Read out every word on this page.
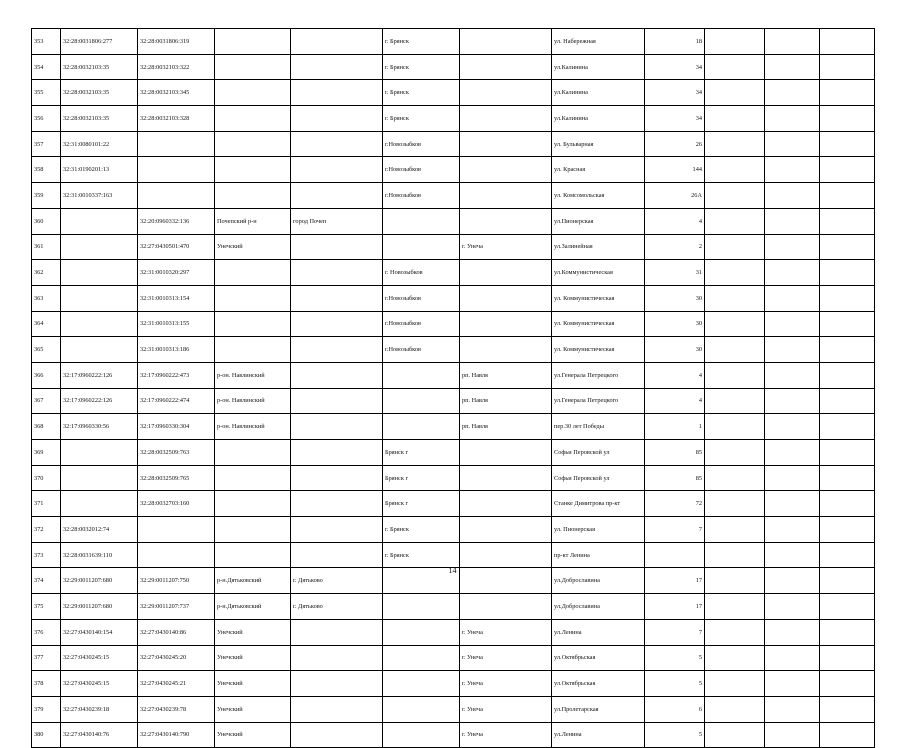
353	32:28:0031806:277	32:28:0031806:319			г. Брянск		ул. Набережная	18			
354	32:28:0032103:35	32:28:0032103:322			г. Брянск		ул.Калинина	34			
355	32:28:0032103:35	32:28:0032103:345			г. Брянск		ул.Калинина	34			
356	32:28:0032103:35	32:28:0032103:328			г. Брянск		ул.Калинина	34			
357	32:31:0080101:22				г.Новозыбков		ул. Бульварная	26			
358	32:31:0190201:13				г.Новозыбков		ул. Красная	144			
359	32:31:0010337:163				г.Новозыбков		ул. Комсомольская	26А			
360		32:20:0960332:136	Почепский р-н	город Почеп			ул.Пионерская	4			
361		32:27:0430501:470	Унечский			г. Унеча	ул.Залинейная	2			
362		32:31:0010320:297			г. Новозыбков		ул.Коммунистическая	31			
363		32:31:0010313:154			г.Новозыбков		ул. Коммунистическая	30			
364		32:31:0010313:155			г.Новозыбков		ул. Коммунистическая	30			
365		32:31:0010313:186			г.Новозыбков		ул. Коммунистическая	30			
366	32:17:0960222:126	32:17:0960222:473	р-он. Навлинский			рп. Навля	ул.Генерала Петрецкого	4			
367	32:17:0960222:126	32:17:0960222:474	р-он. Навлинский			рп. Навля	ул.Генерала Петрецкого	4			
368	32:17:0960330:56	32:17:0960330:304	р-он. Навлинский			рп. Навля	пер.30 лет Победы	1			
369		32:28:0032509:763			Брянск г		Софьи Перовской ул	85			
370		32:28:0032509:765			Брянск г		Софьи Перовской ул	85			
371		32:28:0032703:160			Брянск г		Станке Димитрова пр-кт	72			
372	32:28:0032012:74				г. Брянск		ул. Пионерская	7			
373	32:28:0031639:110				г. Брянск		пр-кт Ленина				
374	32:29:0011207:680	32:29:0011207:750	р-н.Дятьковский	г. Дятьково			ул.Доброславина	17			
375	32:29:0011207:680	32:29:0011207:737	р-н.Дятьковский	г. Дятьково			ул.Доброславина	17			
376	32:27:0430140:154	32:27:0430140:86	Унечский			г. Унеча	ул.Ленина	7			
377	32:27:0430245:15	32:27:0430245:20	Унечский			г. Унеча	ул.Октябрьская	5			
378	32:27:0430245:15	32:27:0430245:21	Унечский			г. Унеча	ул.Октябрьская	5			
379	32:27:0430239:18	32:27:0430239:78	Унечский			г. Унеча	ул.Пролетарская	6			
380	32:27:0430140:76	32:27:0430140:790	Унечский			г. Унеча	ул.Ленина	5			
14
